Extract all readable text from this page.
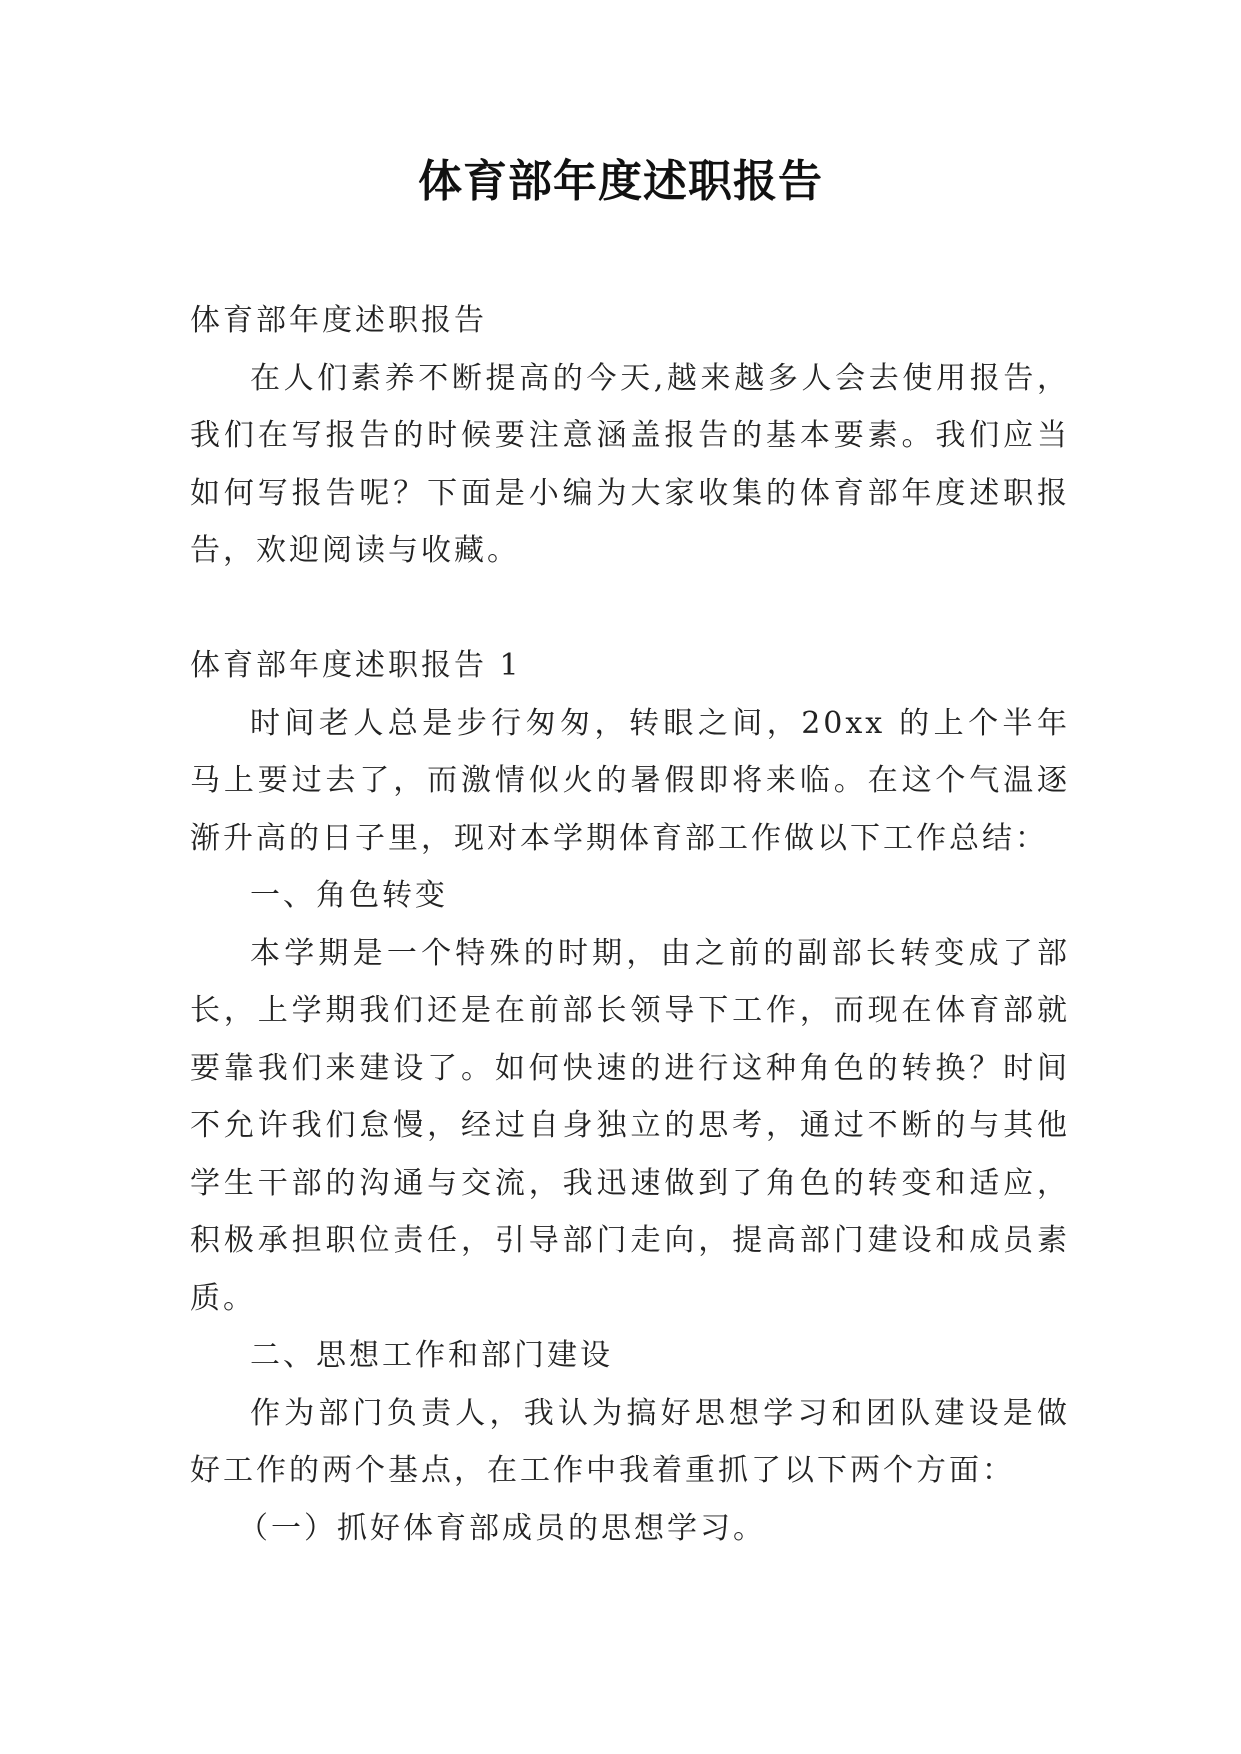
体育部年度述职报告

体育部年度述职报告

在人们素养不断提高的今天,越来越多人会去使用报告，我们在写报告的时候要注意涵盖报告的基本要素。我们应当如何写报告呢？下面是小编为大家收集的体育部年度述职报告，欢迎阅读与收藏。

体育部年度述职报告 1

时间老人总是步行匆匆，转眼之间，20xx 的上个半年马上要过去了，而激情似火的暑假即将来临。在这个气温逐渐升高的日子里，现对本学期体育部工作做以下工作总结：

一、角色转变

本学期是一个特殊的时期，由之前的副部长转变成了部长，上学期我们还是在前部长领导下工作，而现在体育部就要靠我们来建设了。如何快速的进行这种角色的转换？时间不允许我们怠慢，经过自身独立的思考，通过不断的与其他学生干部的沟通与交流，我迅速做到了角色的转变和适应，积极承担职位责任，引导部门走向，提高部门建设和成员素质。

二、思想工作和部门建设

作为部门负责人，我认为搞好思想学习和团队建设是做好工作的两个基点，在工作中我着重抓了以下两个方面：

（一）抓好体育部成员的思想学习。
